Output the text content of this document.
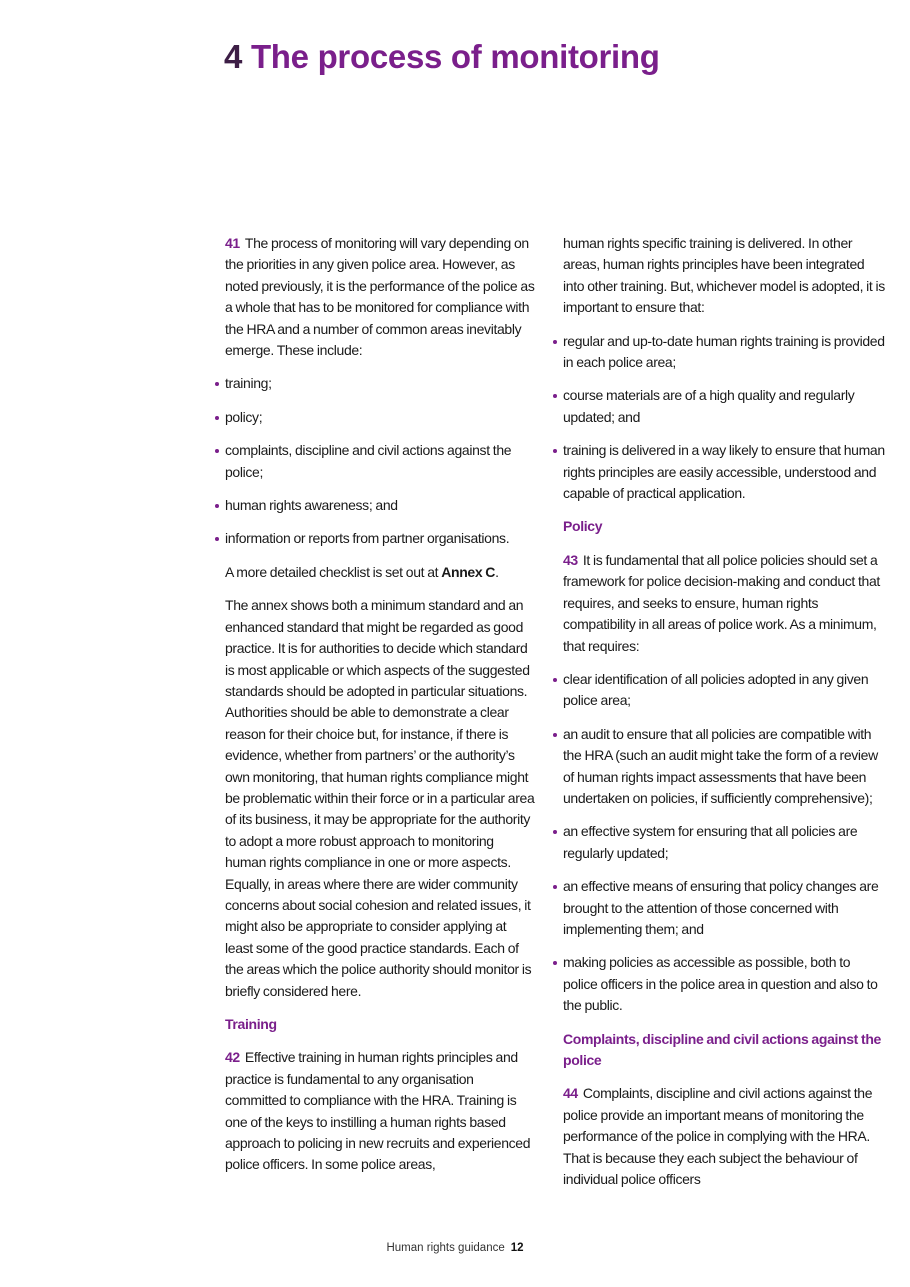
4 The process of monitoring

41 The process of monitoring will vary depending on the priorities in any given police area. However, as noted previously, it is the performance of the police as a whole that has to be monitored for compliance with the HRA and a number of common areas inevitably emerge. These include:

training;
policy;
complaints, discipline and civil actions against the police;
human rights awareness; and
information or reports from partner organisations.

A more detailed checklist is set out at Annex C.

The annex shows both a minimum standard and an enhanced standard that might be regarded as good practice. It is for authorities to decide which standard is most applicable or which aspects of the suggested standards should be adopted in particular situations. Authorities should be able to demonstrate a clear reason for their choice but, for instance, if there is evidence, whether from partners’ or the authority’s own monitoring, that human rights compliance might be problematic within their force or in a particular area of its business, it may be appropriate for the authority to adopt a more robust approach to monitoring human rights compliance in one or more aspects. Equally, in areas where there are wider community concerns about social cohesion and related issues, it might also be appropriate to consider applying at least some of the good practice standards. Each of the areas which the police authority should monitor is briefly considered here.

Training

42 Effective training in human rights principles and practice is fundamental to any organisation committed to compliance with the HRA. Training is one of the keys to instilling a human rights based approach to policing in new recruits and experienced police officers. In some police areas,

human rights specific training is delivered. In other areas, human rights principles have been integrated into other training. But, whichever model is adopted, it is important to ensure that:

regular and up-to-date human rights training is provided in each police area;
course materials are of a high quality and regularly updated; and
training is delivered in a way likely to ensure that human rights principles are easily accessible, understood and capable of practical application.
Policy

43 It is fundamental that all police policies should set a framework for police decision-making and conduct that requires, and seeks to ensure, human rights compatibility in all areas of police work. As a minimum, that requires:

clear identification of all policies adopted in any given police area;
an audit to ensure that all policies are compatible with the HRA (such an audit might take the form of a review of human rights impact assessments that have been undertaken on policies, if sufficiently comprehensive);
an effective system for ensuring that all policies are regularly updated;
an effective means of ensuring that policy changes are brought to the attention of those concerned with implementing them; and
making policies as accessible as possible, both to police officers in the police area in question and also to the public.
Complaints, discipline and civil actions against the police

44 Complaints, discipline and civil actions against the police provide an important means of monitoring the performance of the police in complying with the HRA. That is because they each subject the behaviour of individual police officers

Human rights guidance 12
